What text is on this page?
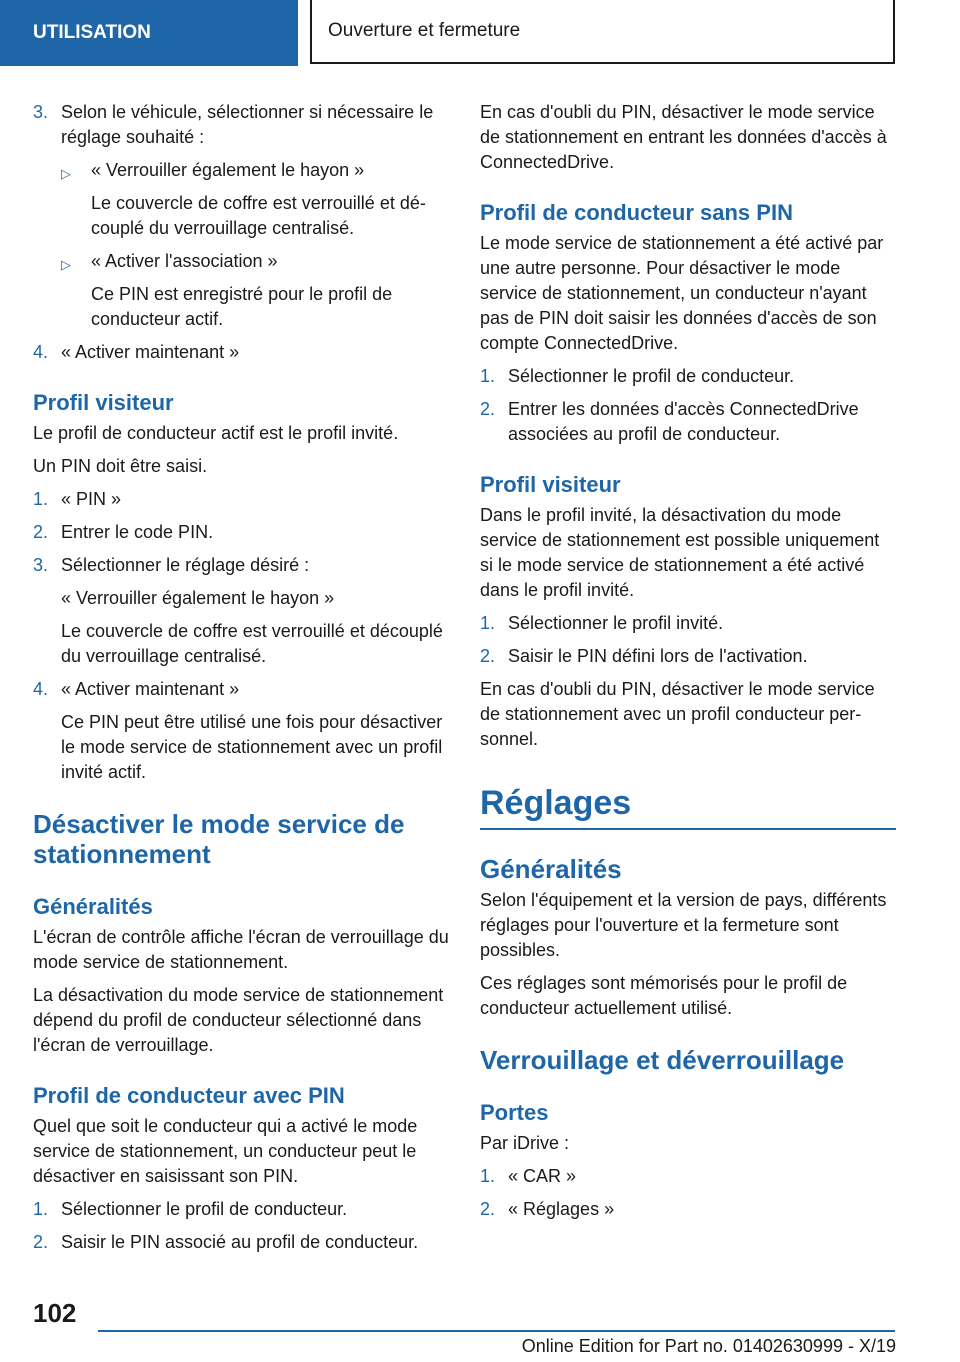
UTILISATION	Ouverture et fermeture
3. Selon le véhicule, sélectionner si nécessaire le réglage souhaité :
▷	« Verrouiller également le hayon »
Le couvercle de coffre est verrouillé et découplé du verrouillage centralisé.
▷	« Activer l'association »
Ce PIN est enregistré pour le profil de conducteur actif.
4. « Activer maintenant »
Profil visiteur

Le profil de conducteur actif est le profil invité.

Un PIN doit être saisi.

1. « PIN »
2. Entrer le code PIN.
3. Sélectionner le réglage désiré :
« Verrouiller également le hayon »
Le couvercle de coffre est verrouillé et découplé du verrouillage centralisé.
4. « Activer maintenant »
Ce PIN peut être utilisé une fois pour désactiver le mode service de stationnement avec un profil invité actif.
Désactiver le mode service de stationnement
Généralités

L'écran de contrôle affiche l'écran de verrouillage du mode service de stationnement.

La désactivation du mode service de stationnement dépend du profil de conducteur sélectionné dans l'écran de verrouillage.

Profil de conducteur avec PIN

Quel que soit le conducteur qui a activé le mode service de stationnement, un conducteur peut le désactiver en saisissant son PIN.

1. Sélectionner le profil de conducteur.
2. Saisir le PIN associé au profil de conducteur.

En cas d'oubli du PIN, désactiver le mode service de stationnement en entrant les données d'accès à ConnectedDrive.

Profil de conducteur sans PIN

Le mode service de stationnement a été activé par une autre personne. Pour désactiver le mode service de stationnement, un conducteur n'ayant pas de PIN doit saisir les données d'accès de son compte ConnectedDrive.

1. Sélectionner le profil de conducteur.
2. Entrer les données d'accès ConnectedDrive associées au profil de conducteur.
Profil visiteur

Dans le profil invité, la désactivation du mode service de stationnement est possible uniquement si le mode service de stationnement a été activé dans le profil invité.

1. Sélectionner le profil invité.
2. Saisir le PIN défini lors de l'activation.

En cas d'oubli du PIN, désactiver le mode service de stationnement avec un profil conducteur personnel.

Réglages
Généralités

Selon l'équipement et la version de pays, différents réglages pour l'ouverture et la fermeture sont possibles.

Ces réglages sont mémorisés pour le profil de conducteur actuellement utilisé.

Verrouillage et déverrouillage
Portes

Par iDrive :

1. « CAR »
2. « Réglages »
102
Online Edition for Part no. 01402630999 - X/19
